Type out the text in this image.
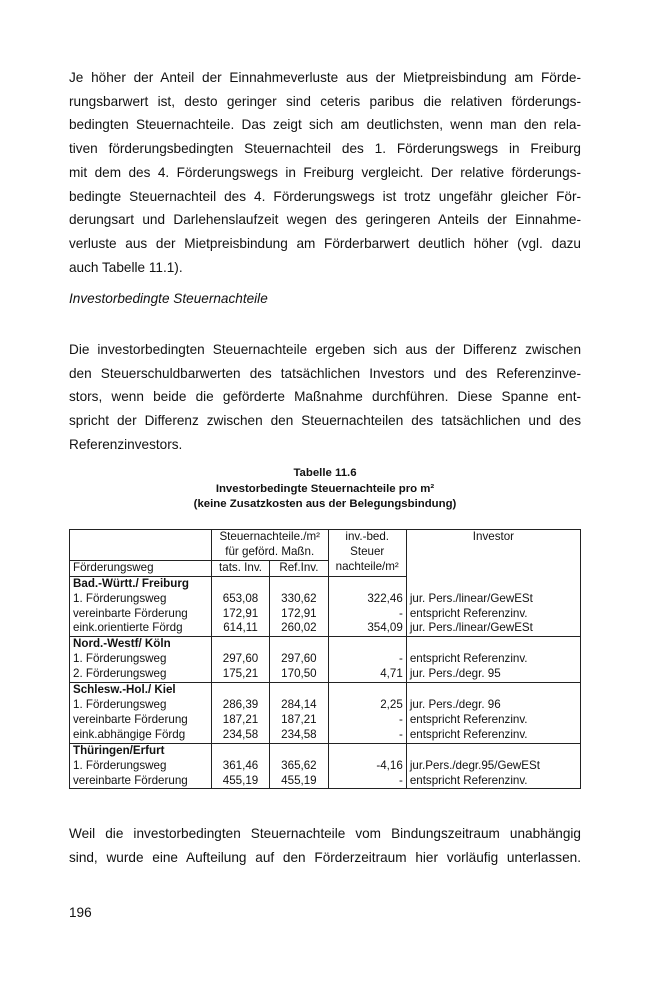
Je höher der Anteil der Einnahmeverluste aus der Mietpreisbindung am Förde-
rungsbarwert ist, desto geringer sind ceteris paribus die relativen förderungs-
bedingten Steuernachteile. Das zeigt sich am deutlichsten, wenn man den rela-
tiven förderungsbedingten Steuernachteil des 1. Förderungswegs in Freiburg
mit dem des 4. Förderungswegs in Freiburg vergleicht. Der relative förderungs-
bedingte Steuernachteil des 4. Förderungswegs ist trotz ungefähr gleicher För-
derungsart und Darlehenslaufzeit wegen des geringeren Anteils der Einnahme-
verluste aus der Mietpreisbindung am Förderbarwert deutlich höher (vgl. dazu
auch Tabelle 11.1).

Investorbedingte Steuernachteile

Die investorbedingten Steuernachteile ergeben sich aus der Differenz zwischen
den Steuerschuldbarwerten des tatsächlichen Investors und des Referenzinve-
stors, wenn beide die geförderte Maßnahme durchführen. Diese Spanne ent-
spricht der Differenz zwischen den Steuernachteilen des tatsächlichen und des
Referenzinvestors.
Tabelle 11.6
Investorbedingte Steuernachteile pro m²
(keine Zusatzkosten aus der Belegungsbindung)
	Steuernachteile./m²		inv.-bed.	Investor
	für geförd. Maßn.		Steuer	
Förderungsweg	tats. Inv.	Ref.Inv.	nachteile/m²	
Bad.-Württ./ Freiburg				
1. Förderungsweg	653,08	330,62	322,46	jur. Pers./linear/GewESt
vereinbarte Förderung	172,91	172,91	-	entspricht Referenzinv.
eink.orientierte Fördg	614,11	260,02	354,09	jur. Pers./linear/GewESt
Nord.-Westf/ Köln				
1. Förderungsweg	297,60	297,60	-	entspricht Referenzinv.
2. Förderungsweg	175,21	170,50	4,71	jur. Pers./degr. 95
Schlesw.-Hol./ Kiel				
1. Förderungsweg	286,39	284,14	2,25	jur. Pers./degr. 96
vereinbarte Förderung	187,21	187,21	-	entspricht Referenzinv.
eink.abhängige Fördg	234,58	234,58	-	entspricht Referenzinv.
Thüringen/Erfurt				
1. Förderungsweg	361,46	365,62	-4,16	jur.Pers./degr.95/GewESt
vereinbarte Förderung	455,19	455,19	-	entspricht Referenzinv.
Weil die investorbedingten Steuernachteile vom Bindungszeitraum unabhängig
sind, wurde eine Aufteilung auf den Förderzeitraum hier vorläufig unterlassen.

196
